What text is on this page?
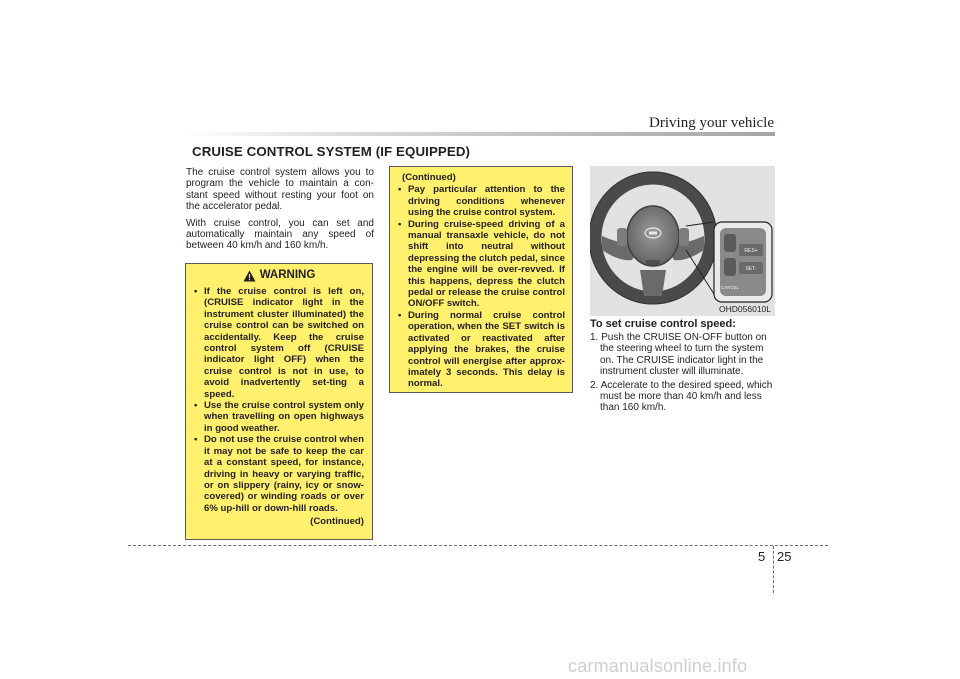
Driving your vehicle
CRUISE CONTROL SYSTEM (IF EQUIPPED)

The cruise control system allows you to program the vehicle to maintain a con-stant speed without resting your foot on the accelerator pedal.

With cruise control, you can set and automatically maintain any speed of between 40 km/h and 160 km/h.

WARNING
• If the cruise control is left on, (CRUISE indicator light in the instrument cluster illuminated) the cruise control can be switched on accidentally. Keep the cruise control system off (CRUISE indicator light OFF) when the cruise control is not in use, to avoid inadvertently set-ting a speed.
• Use the cruise control system only when travelling on open highways in good weather.
• Do not use the cruise control when it may not be safe to keep the car at a constant speed, for instance, driving in heavy or varying traffic, or on slippery (rainy, icy or snow-covered) or winding roads or over 6% up-hill or down-hill roads.
(Continued)
(Continued)
• Pay particular attention to the driving conditions whenever using the cruise control system.
• During cruise-speed driving of a manual transaxle vehicle, do not shift into neutral without depressing the clutch pedal, since the engine will be over-revved. If this happens, depress the clutch pedal or release the cruise control ON/OFF switch.
• During normal cruise control operation, when the SET switch is activated or reactivated after applying the brakes, the cruise control will energise after approx-imately 3 seconds. This delay is normal.
RES+
SET-
CANCEL
OHD056010L
To set cruise control speed:
1. Push the CRUISE ON-OFF button on the steering wheel to turn the system on. The CRUISE indicator light in the instrument cluster will illuminate.
2. Accelerate to the desired speed, which must be more than 40 km/h and less than 160 km/h.
5 25
carmanualsonline.info
